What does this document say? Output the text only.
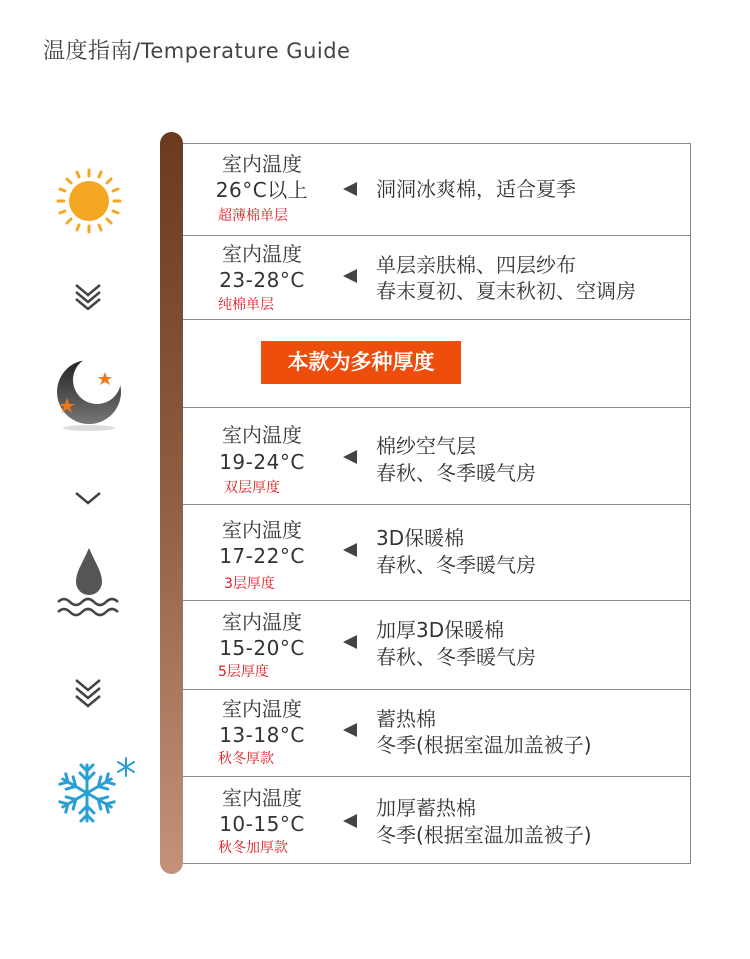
温度指南/Temperature Guide
室内温度
26°C以上
超薄棉单层
洞洞冰爽棉，适合夏季
室内温度
23-28°C
纯棉单层
单层亲肤棉、四层纱布
春末夏初、夏末秋初、空调房
室内温度
19-24°C
双层厚度
棉纱空气层
春秋、冬季暖气房
室内温度
17-22°C
3层厚度
3D保暖棉
春秋、冬季暖气房
室内温度
15-20°C
5层厚度
加厚3D保暖棉
春秋、冬季暖气房
室内温度
13-18°C
秋冬厚款
蓄热棉
冬季(根据室温加盖被子)
室内温度
10-15°C
秋冬加厚款
加厚蓄热棉
冬季(根据室温加盖被子)
本款为多种厚度
